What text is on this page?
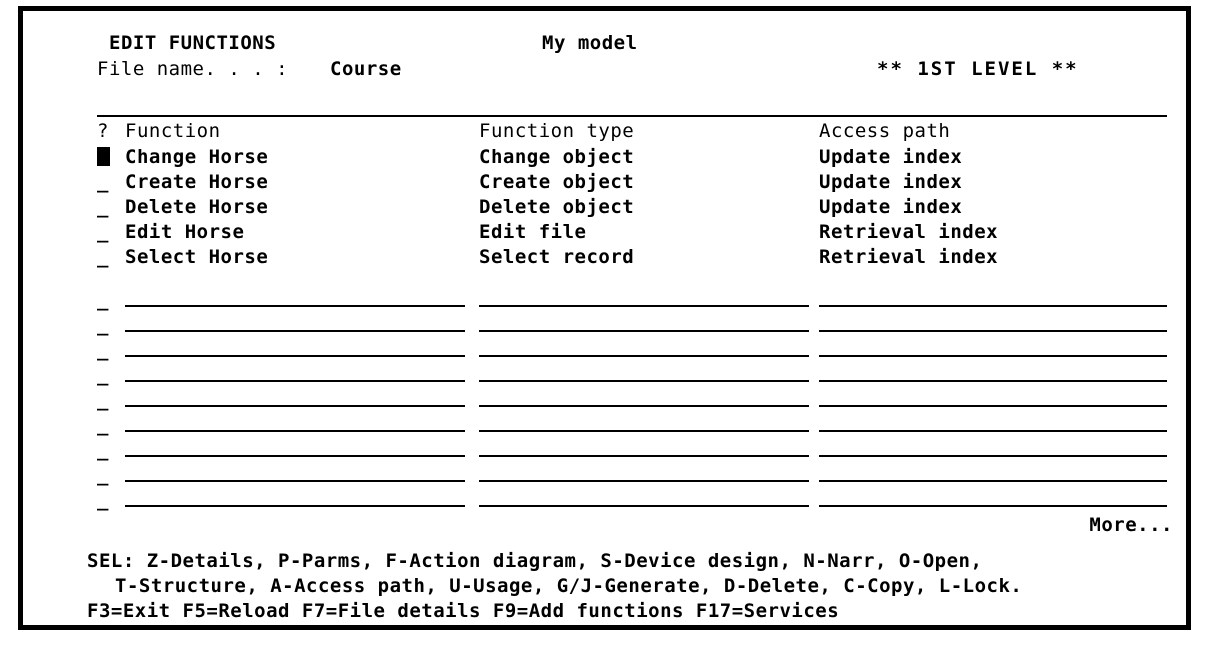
EDIT FUNCTIONS	My model
File name. . . : Course	** 1ST LEVEL **
? Function	Function type	Access path
Change Horse	Change object	Update index
_ Create Horse	Create object	Update index
_ Delete Horse	Delete object	Update index
_ Edit Horse	Edit file	Retrieval index
_ Select Horse	Select record	Retrieval index
_
_
_
_
_
_
_
_
_
More...
SEL: Z-Details, P-Parms, F-Action diagram, S-Device design, N-Narr, O-Open,
T-Structure, A-Access path, U-Usage, G/J-Generate, D-Delete, C-Copy, L-Lock.
F3=Exit F5=Reload F7=File details F9=Add functions F17=Services
